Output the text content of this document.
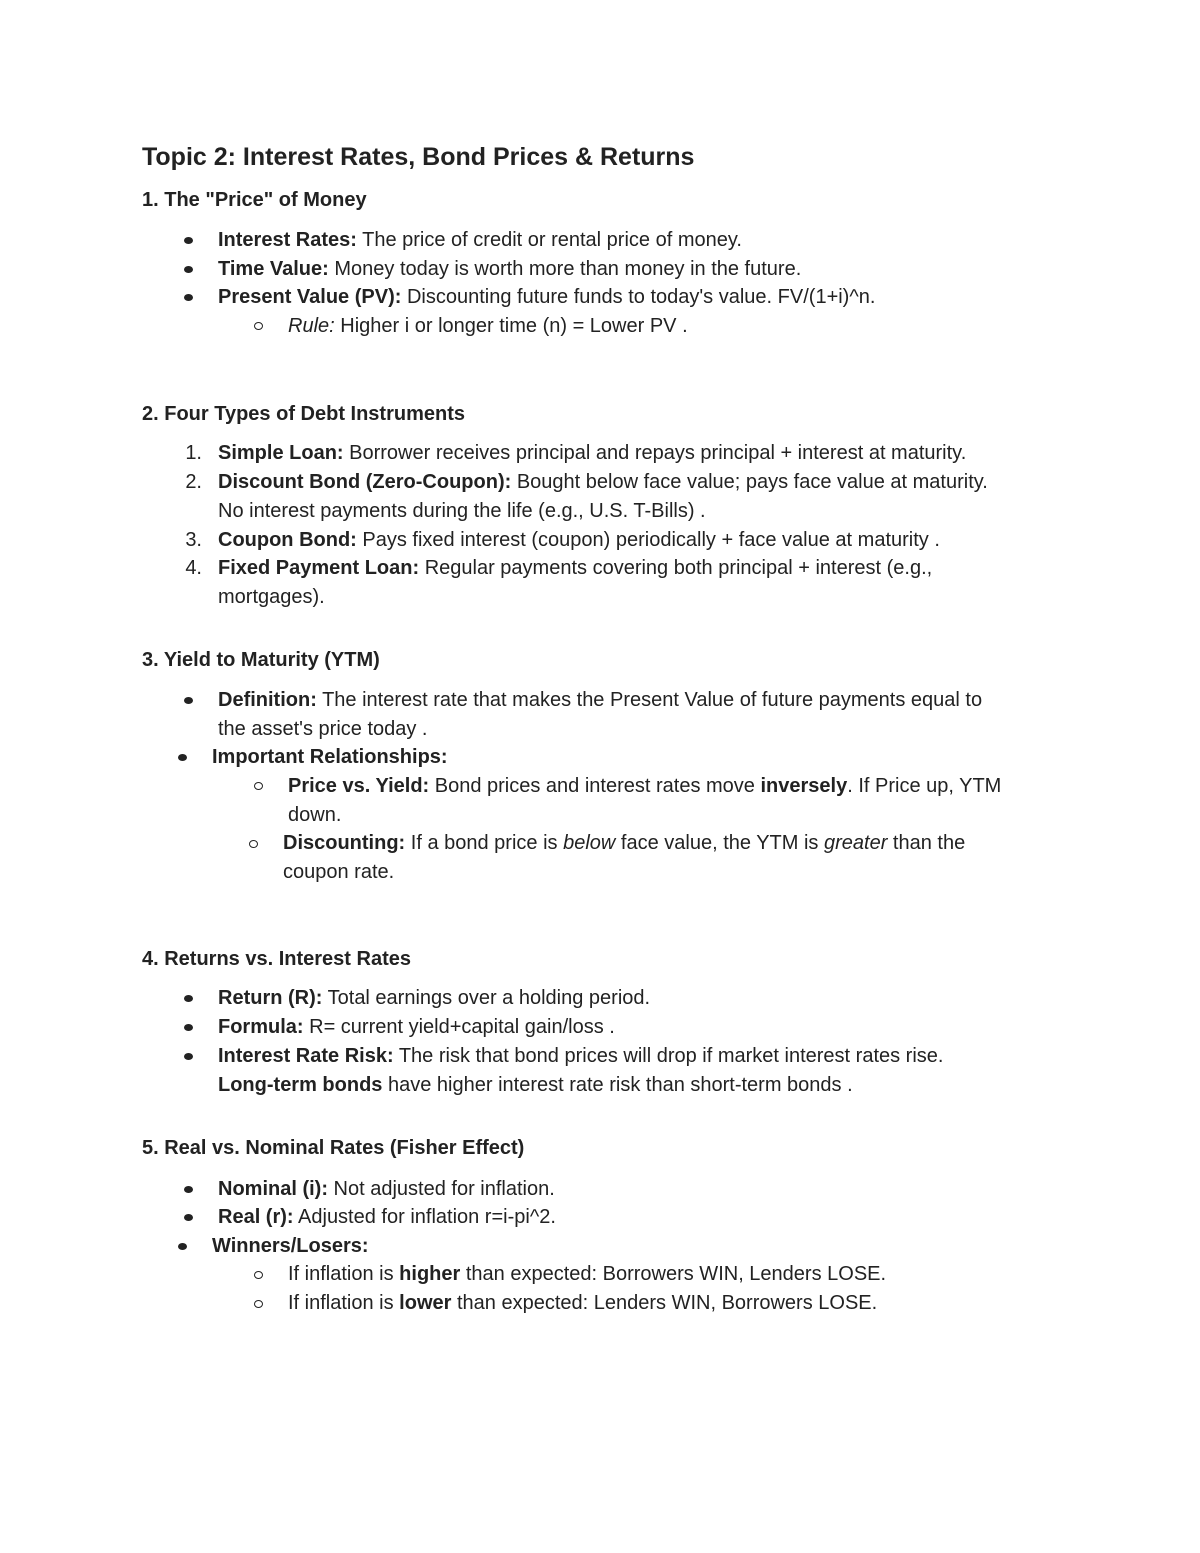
Topic 2: Interest Rates, Bond Prices & Returns
1. The "Price" of Money
Interest Rates: The price of credit or rental price of money.
Time Value: Money today is worth more than money in the future.
Present Value (PV): Discounting future funds to today's value. FV/(1+i)^n.
Rule: Higher i or longer time (n) = Lower PV .
2. Four Types of Debt Instruments
1. Simple Loan: Borrower receives principal and repays principal + interest at maturity.
2. Discount Bond (Zero-Coupon): Bought below face value; pays face value at maturity.
No interest payments during the life (e.g., U.S. T-Bills) .
3. Coupon Bond: Pays fixed interest (coupon) periodically + face value at maturity .
4. Fixed Payment Loan: Regular payments covering both principal + interest (e.g.,
mortgages).
3. Yield to Maturity (YTM)
Definition: The interest rate that makes the Present Value of future payments equal to
the asset's price today .
Important Relationships:
Price vs. Yield: Bond prices and interest rates move inversely. If Price up, YTM
down.
Discounting: If a bond price is below face value, the YTM is greater than the
coupon rate.
4. Returns vs. Interest Rates
Return (R): Total earnings over a holding period.
Formula: R= current yield+capital gain/loss .
Interest Rate Risk: The risk that bond prices will drop if market interest rates rise.
Long-term bonds have higher interest rate risk than short-term bonds .
5. Real vs. Nominal Rates (Fisher Effect)
Nominal (i): Not adjusted for inflation.
Real (r): Adjusted for inflation r=i-pi^2.
Winners/Losers:
If inflation is higher than expected: Borrowers WIN, Lenders LOSE.
If inflation is lower than expected: Lenders WIN, Borrowers LOSE.
